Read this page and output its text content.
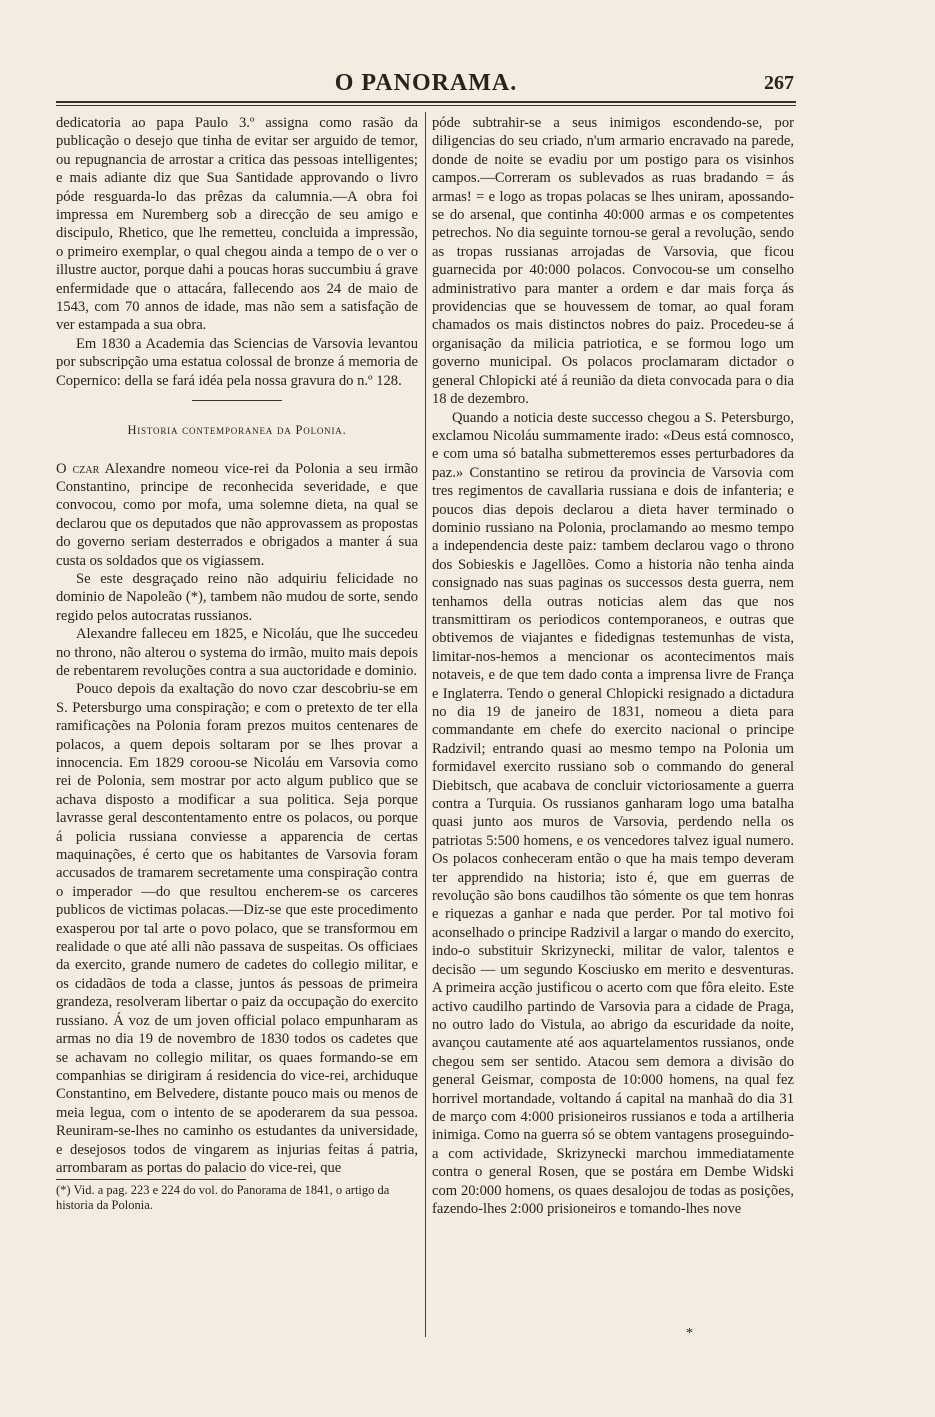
O PANORAMA.	267

dedicatoria ao papa Paulo 3.º assigna como rasão da publicação o desejo que tinha de evitar ser arguido de temor, ou repugnancia de arrostar a critica das pessoas intelligentes; e mais adiante diz que Sua Santidade approvando o livro póde resguarda-lo das prêzas da calumnia.—A obra foi impressa em Nuremberg sob a direcção de seu amigo e discipulo, Rhetico, que lhe remetteu, concluida a impressão, o primeiro exemplar, o qual chegou ainda a tempo de o ver o illustre auctor, porque dahi a poucas horas succumbiu á grave enfermidade que o attacára, fallecendo aos 24 de maio de 1543, com 70 annos de idade, mas não sem a satisfação de ver estampada a sua obra.

Em 1830 a Academia das Sciencias de Varsovia levantou por subscripção uma estatua colossal de bronze á memoria de Copernico: della se fará idéa pela nossa gravura do n.º 128.

Historia contemporanea da Polonia.

O czar Alexandre nomeou vice-rei da Polonia a seu irmão Constantino, principe de reconhecida severidade, e que convocou, como por mofa, uma solemne dieta, na qual se declarou que os deputados que não approvassem as propostas do governo seriam desterrados e obrigados a manter á sua custa os soldados que os vigiassem.

Se este desgraçado reino não adquiriu felicidade no dominio de Napoleão (*), tambem não mudou de sorte, sendo regido pelos autocratas russianos.

Alexandre falleceu em 1825, e Nicoláu, que lhe succedeu no throno, não alterou o systema do irmão, muito mais depois de rebentarem revoluções contra a sua auctoridade e dominio.

Pouco depois da exaltação do novo czar descobriu-se em S. Petersburgo uma conspiração; e com o pretexto de ter ella ramificações na Polonia foram prezos muitos centenares de polacos, a quem depois soltaram por se lhes provar a innocencia. Em 1829 coroou-se Nicoláu em Varsovia como rei de Polonia, sem mostrar por acto algum publico que se achava disposto a modificar a sua politica. Seja porque lavrasse geral descontentamento entre os polacos, ou porque á policia russiana conviesse a apparencia de certas maquinações, é certo que os habitantes de Varsovia foram accusados de tramarem secretamente uma conspiração contra o imperador —do que resultou encherem-se os carceres publicos de victimas polacas.—Diz-se que este procedimento exasperou por tal arte o povo polaco, que se transformou em realidade o que até alli não passava de suspeitas. Os officiaes da exercito, grande numero de cadetes do collegio militar, e os cidadãos de toda a classe, juntos ás pessoas de primeira grandeza, resolveram libertar o paiz da occupação do exercito russiano. Á voz de um joven official polaco empunharam as armas no dia 19 de novembro de 1830 todos os cadetes que se achavam no collegio militar, os quaes formando-se em companhias se dirigiram á residencia do vice-rei, archiduque Constantino, em Belvedere, distante pouco mais ou menos de meia legua, com o intento de se apoderarem da sua pessoa. Reuniram-se-lhes no caminho os estudantes da universidade, e desejosos todos de vingarem as injurias feitas á patria, arrombaram as portas do palacio do vice-rei, que

(*) Vid. a pag. 223 e 224 do vol. do Panorama de 1841, o artigo da historia da Polonia.

póde subtrahir-se a seus inimigos escondendo-se, por diligencias do seu criado, n'um armario encravado na parede, donde de noite se evadiu por um postigo para os visinhos campos.—Correram os sublevados as ruas bradando = ás armas! = e logo as tropas polacas se lhes uniram, apossando-se do arsenal, que continha 40:000 armas e os competentes petrechos. No dia seguinte tornou-se geral a revolução, sendo as tropas russianas arrojadas de Varsovia, que ficou guarnecida por 40:000 polacos. Convocou-se um conselho administrativo para manter a ordem e dar mais força ás providencias que se houvessem de tomar, ao qual foram chamados os mais distinctos nobres do paiz. Procedeu-se á organisação da milicia patriotica, e se formou logo um governo municipal. Os polacos proclamaram dictador o general Chlopicki até á reunião da dieta convocada para o dia 18 de dezembro.

Quando a noticia deste successo chegou a S. Petersburgo, exclamou Nicoláu summamente irado: «Deus está comnosco, e com uma só batalha submetteremos esses perturbadores da paz.» Constantino se retirou da provincia de Varsovia com tres regimentos de cavallaria russiana e dois de infanteria; e poucos dias depois declarou a dieta haver terminado o dominio russiano na Polonia, proclamando ao mesmo tempo a independencia deste paiz: tambem declarou vago o throno dos Sobieskis e Jagellões. Como a historia não tenha ainda consignado nas suas paginas os successos desta guerra, nem tenhamos della outras noticias alem das que nos transmittiram os periodicos contemporaneos, e outras que obtivemos de viajantes e fidedignas testemunhas de vista, limitar-nos-hemos a mencionar os acontecimentos mais notaveis, e de que tem dado conta a imprensa livre de França e Inglaterra. Tendo o general Chlopicki resignado a dictadura no dia 19 de janeiro de 1831, nomeou a dieta para commandante em chefe do exercito nacional o principe Radzivil; entrando quasi ao mesmo tempo na Polonia um formidavel exercito russiano sob o commando do general Diebitsch, que acabava de concluir victoriosamente a guerra contra a Turquia. Os russianos ganharam logo uma batalha quasi junto aos muros de Varsovia, perdendo nella os patriotas 5:500 homens, e os vencedores talvez igual numero. Os polacos conheceram então o que ha mais tempo deveram ter apprendido na historia; isto é, que em guerras de revolução são bons caudilhos tão sómente os que tem honras e riquezas a ganhar e nada que perder. Por tal motivo foi aconselhado o principe Radzivil a largar o mando do exercito, indo-o substituir Skrizynecki, militar de valor, talentos e decisão — um segundo Kosciusko em merito e desventuras. A primeira acção justificou o acerto com que fôra eleito. Este activo caudilho partindo de Varsovia para a cidade de Praga, no outro lado do Vistula, ao abrigo da escuridade da noite, avançou cautamente até aos aquartelamentos russianos, onde chegou sem ser sentido. Atacou sem demora a divisão do general Geismar, composta de 10:000 homens, na qual fez horrivel mortandade, voltando á capital na manhaã do dia 31 de março com 4:000 prisioneiros russianos e toda a artilheria inimiga. Como na guerra só se obtem vantagens proseguindo-a com actividade, Skrizynecki marchou immediatamente contra o general Rosen, que se postára em Dembe Widski com 20:000 homens, os quaes desalojou de todas as posições, fazendo-lhes 2:000 prisioneiros e tomando-lhes nove

*
